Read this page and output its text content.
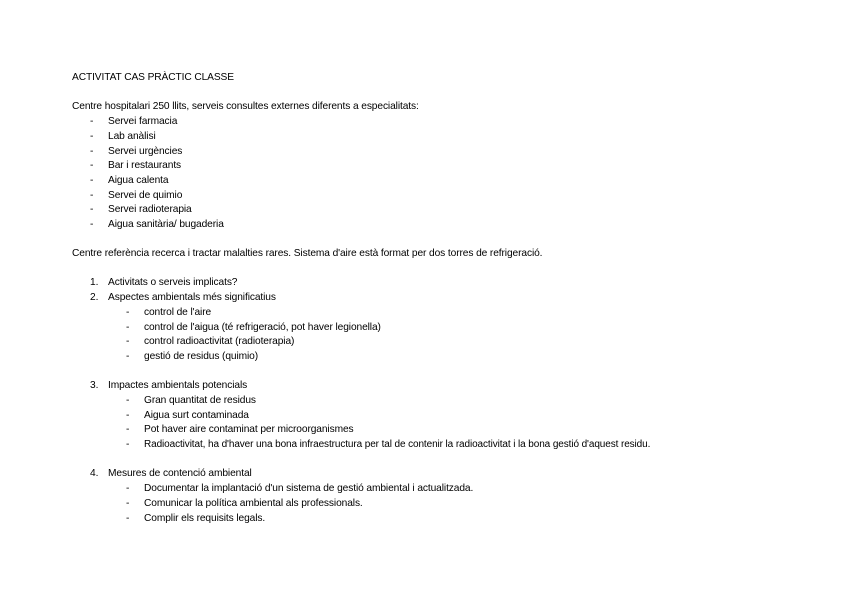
ACTIVITAT CAS PRÀCTIC CLASSE
Centre hospitalari 250 llits, serveis consultes externes diferents a especialitats:
- Servei farmacia
- Lab anàlisi
- Servei urgències
- Bar i restaurants
- Aigua calenta
- Servei de quimio
- Servei radioterapia
- Aigua sanitària/ bugaderia
Centre referència recerca i tractar malalties rares. Sistema d'aire està format per dos torres de refrigeració.
1. Activitats o serveis implicats?
2. Aspectes ambientals més significatius
- control de l'aire
- control de l'aigua (té refrigeració, pot haver legionella)
- control radioactivitat (radioterapia)
- gestió de residus (quimio)
3. Impactes ambientals potencials
- Gran quantitat de residus
- Aigua surt contaminada
- Pot haver aire contaminat per microorganismes
- Radioactivitat, ha d'haver una bona infraestructura per tal de contenir la radioactivitat i la bona gestió d'aquest residu.
4. Mesures de contenció ambiental
- Documentar la implantació d'un sistema de gestió ambiental i actualitzada.
- Comunicar la política ambiental als professionals.
- Complir els requisits legals.
